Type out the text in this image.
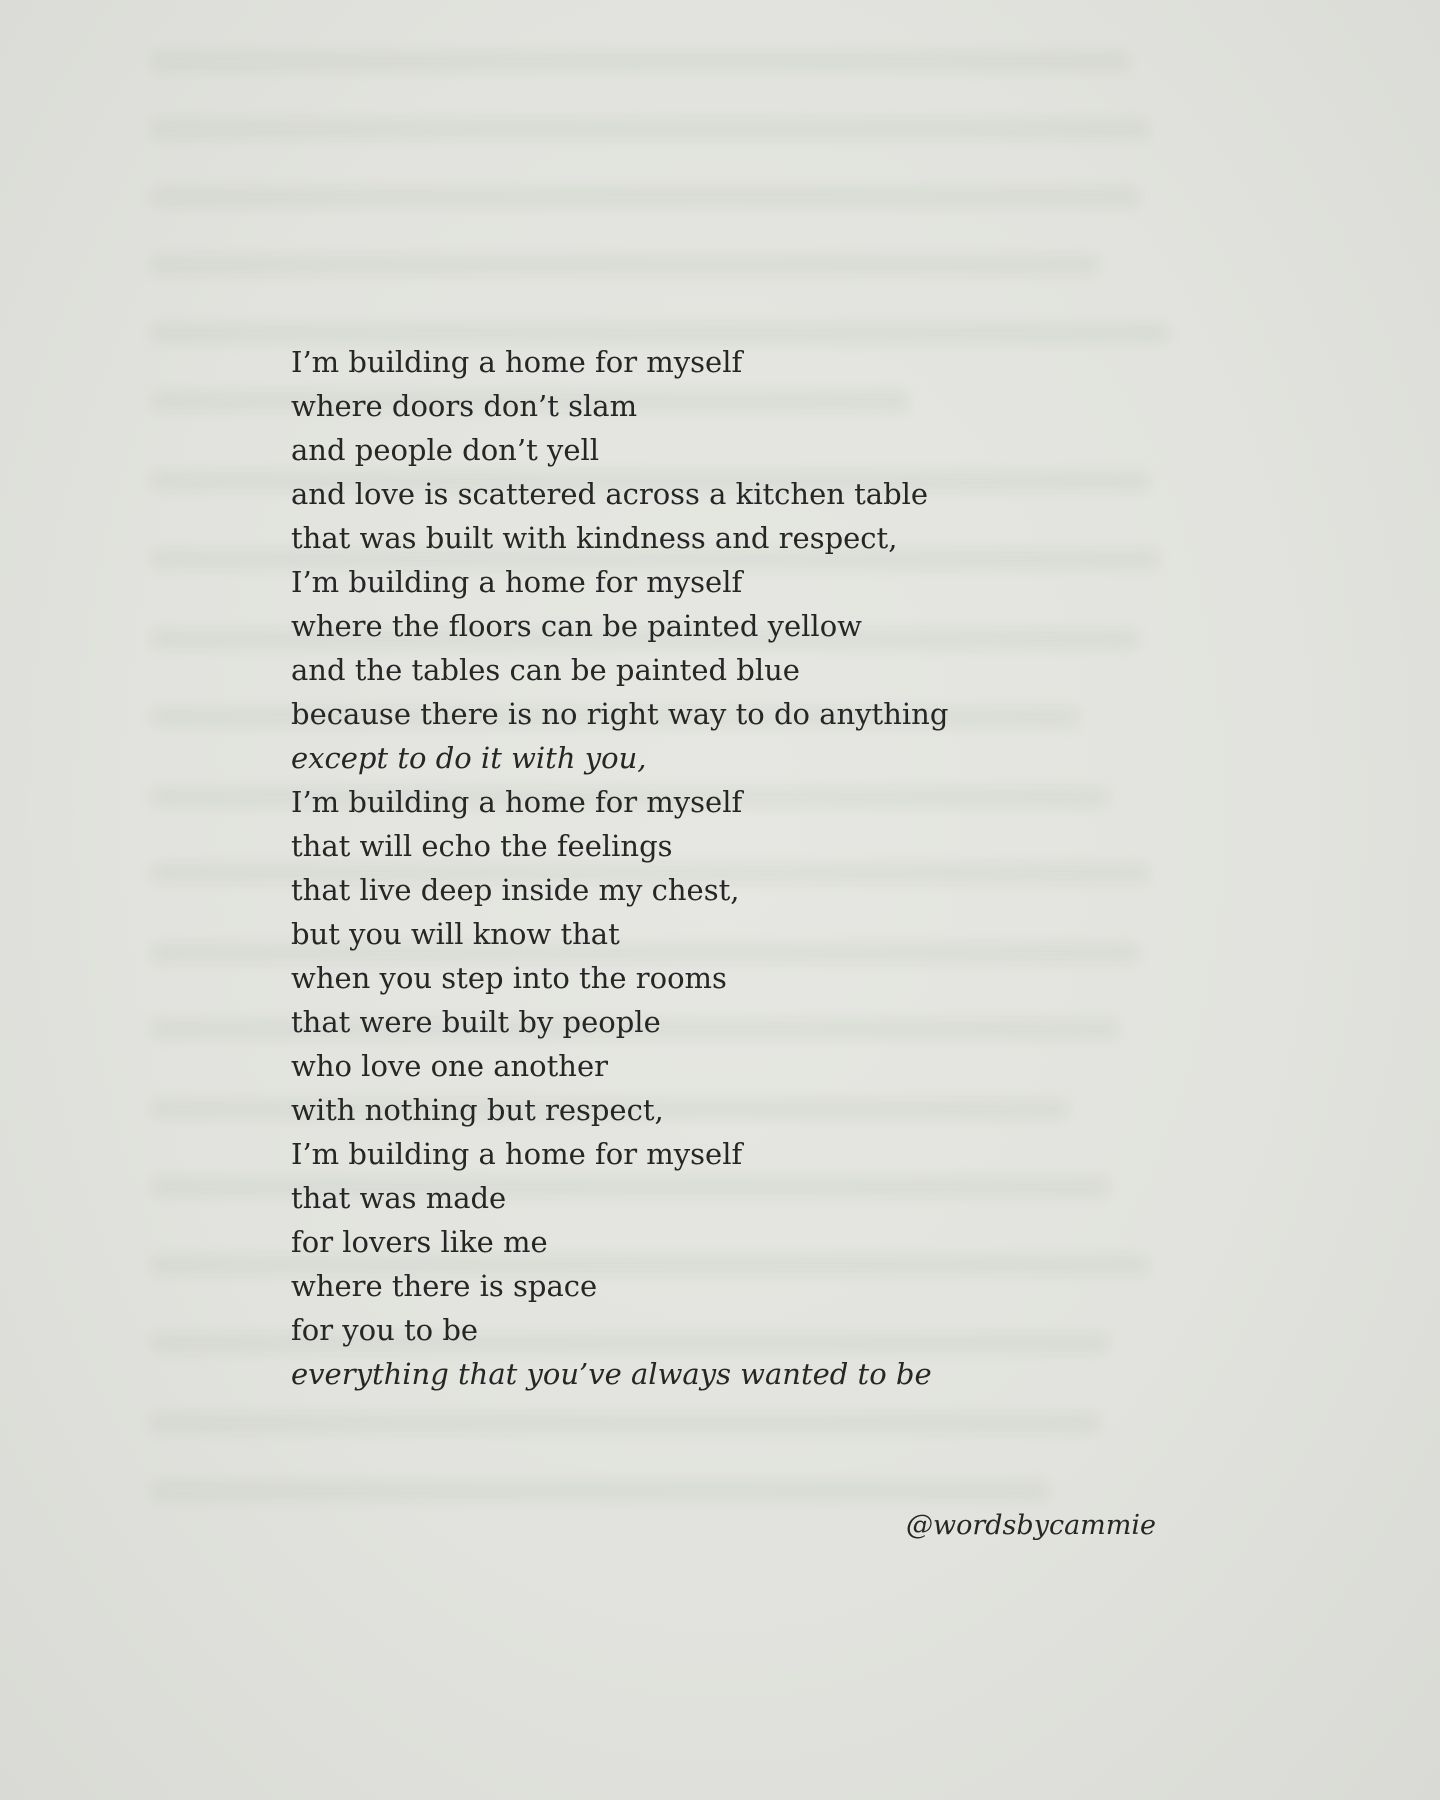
I’m building a home for myself
where doors don’t slam
and people don’t yell
and love is scattered across a kitchen table
that was built with kindness and respect,
I’m building a home for myself
where the floors can be painted yellow
and the tables can be painted blue
because there is no right way to do anything
except to do it with you,
I’m building a home for myself
that will echo the feelings
that live deep inside my chest,
but you will know that
when you step into the rooms
that were built by people
who love one another
with nothing but respect,
I’m building a home for myself
that was made
for lovers like me
where there is space
for you to be
everything that you’ve always wanted to be
@wordsbycammie
